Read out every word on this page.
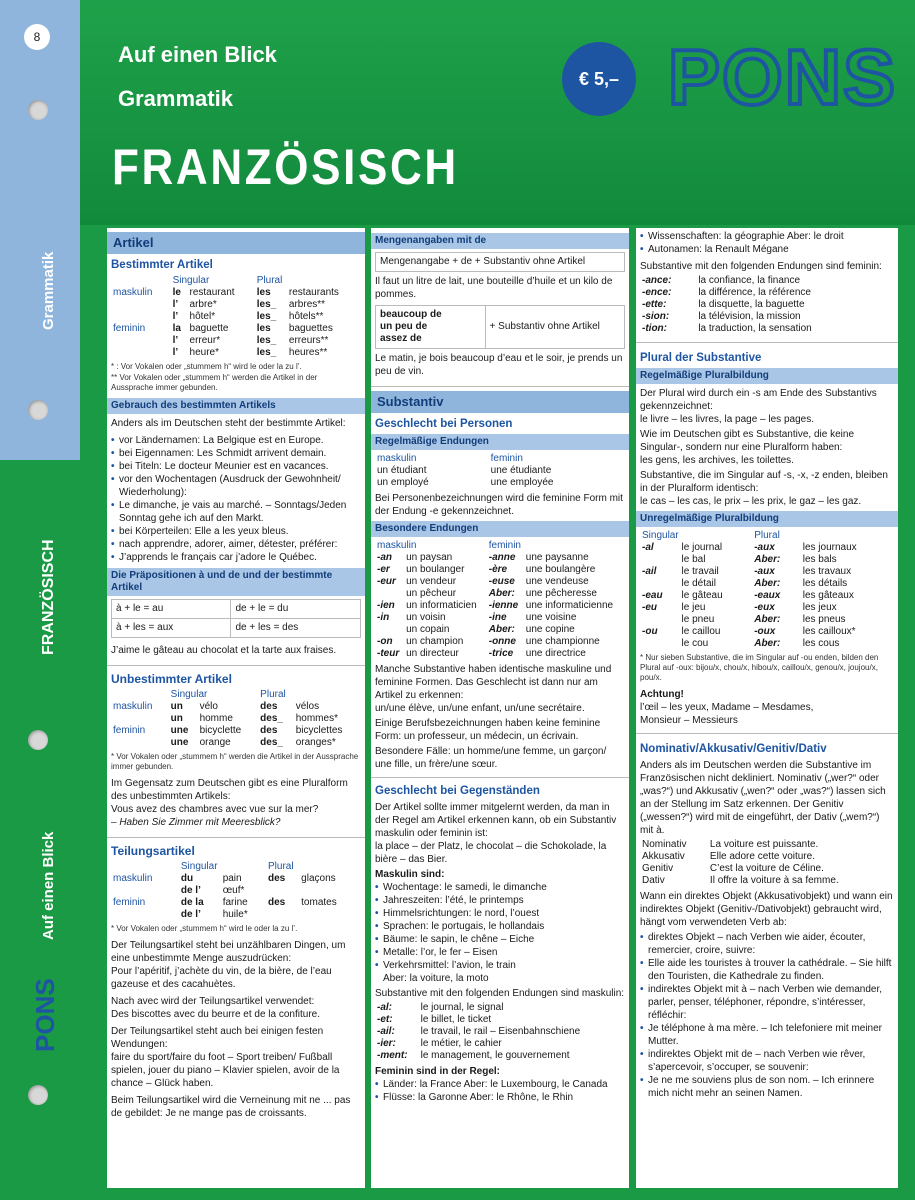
8
Grammatik
FRANZÖSISCH
Auf einen Blick
PONS
Auf einen Blick
Grammatik
FRANZÖSISCH
€ 5,– PONS
Artikel
Bestimmter Artikel
	Singular		Plural	
maskulin	le	restaurant	les	restaurants
	l’	arbre*	les_	arbres**
	l’	hôtel*	les_	hôtels**
feminin	la	baguette	les	baguettes
	l’	erreur*	les_	erreurs**
	l’	heure*	les_	heures**
* : Vor Vokalen oder „stummem h“ wird le oder la zu l’.
** Vor Vokalen oder „stummem h“ werden die Artikel in der Aussprache immer gebunden.
Gebrauch des bestimmten Artikels

Anders als im Deutschen steht der bestimmte Artikel:

• vor Ländernamen: La Belgique est en Europe.
• bei Eigennamen: Les Schmidt arrivent demain.
• bei Titeln: Le docteur Meunier est en vacances.
• vor den Wochentagen (Ausdruck der Gewohnheit/ Wiederholung):
• Le dimanche, je vais au marché. – Sonntags/Jeden Sonntag gehe ich auf den Markt.
• bei Körperteilen: Elle a les yeux bleus.
• nach apprendre, adorer, aimer, détester, préférer:
• J’apprends le français car j’adore le Québec.
Die Präpositionen à und de und der bestimmte Artikel
à + le = au	de + le = du
à + les = aux	de + les = des

J’aime le gâteau au chocolat et la tarte aux fraises.

Unbestimmter Artikel
	Singular		Plural	
maskulin	un	vélo	des	vélos
	un	homme	des_	hommes*
feminin	une	bicyclette	des	bicyclettes
	une	orange	des_	oranges*
* Vor Vokalen oder „stummem h“ werden die Artikel in der Aussprache immer gebunden.

Im Gegensatz zum Deutschen gibt es eine Pluralform des unbestimmten Artikels:

Vous avez des chambres avec vue sur la mer?

– Haben Sie Zimmer mit Meeresblick?

Teilungsartikel
	Singular		Plural	
maskulin	du	pain	des	glaçons
	de l’	œuf*		
feminin	de la	farine	des	tomates
	de l’	huile*		
* Vor Vokalen oder „stummem h“ wird le oder la zu l’.

Der Teilungsartikel steht bei unzählbaren Dingen, um eine unbestimmte Menge auszudrücken:

Pour l’apéritif, j’achète du vin, de la bière, de l’eau gazeuse et des cacahuètes.

Nach avec wird der Teilungsartikel verwendet:

Des biscottes avec du beurre et de la confiture.

Der Teilungsartikel steht auch bei einigen festen Wendungen:

faire du sport/faire du foot – Sport treiben/ Fußball spielen, jouer du piano – Klavier spielen, avoir de la chance – Glück haben.

Beim Teilungsartikel wird die Verneinung mit ne ... pas de gebildet: Je ne mange pas de croissants.

Mengenangaben mit de
Mengenangabe + de + Substantiv ohne Artikel

Il faut un litre de lait, une bouteille d’huile et un kilo de pommes.

beaucoup de
un peu de
assez de
	+ Substantiv ohne Artikel

Le matin, je bois beaucoup d’eau et le soir, je prends un peu de vin.

Substantiv
Geschlecht bei Personen
Regelmäßige Endungen
maskulin	feminin
un étudiant	une étudiante
un employé	une employée

Bei Personenbezeichnungen wird die feminine Form mit der Endung -e gekennzeichnet.

Besondere Endungen
maskulin		feminin	
-an	un paysan	-anne	une paysanne
-er	un boulanger	-ère	une boulangère
-eur	un vendeur	-euse	une vendeuse
	un pêcheur	Aber:	une pêcheresse
-ien	un informaticien	-ienne	une informaticienne
-in	un voisin	-ine	une voisine
	un copain	Aber:	une copine
-on	un champion	-onne	une championne
-teur	un directeur	-trice	une directrice

Manche Substantive haben identische maskuline und feminine Formen. Das Geschlecht ist dann nur am Artikel zu erkennen:

un/une élève, un/une enfant, un/une secrétaire.

Einige Berufsbezeichnungen haben keine feminine Form: un professeur, un médecin, un écrivain.

Besondere Fälle: un homme/une femme, un garçon/ une fille, un frère/une sœur.

Geschlecht bei Gegenständen

Der Artikel sollte immer mitgelernt werden, da man in der Regel am Artikel erkennen kann, ob ein Substantiv maskulin oder feminin ist:

la place – der Platz, le chocolat – die Schokolade, la bière – das Bier.

Maskulin sind:

• Wochentage: le samedi, le dimanche
• Jahreszeiten: l’été, le printemps
• Himmelsrichtungen: le nord, l’ouest
• Sprachen: le portugais, le hollandais
• Bäume: le sapin, le chêne – Eiche
• Metalle: l’or, le fer – Eisen
• Verkehrsmittel: l’avion, le train

Aber: la voiture, la moto

Substantive mit den folgenden Endungen sind maskulin:

-al:	le journal, le signal
-et:	le billet, le ticket
-ail:	le travail, le rail – Eisenbahnschiene
-ier:	le métier, le cahier
-ment:	le management, le gouvernement

Feminin sind in der Regel:

• Länder: la France Aber: le Luxembourg, le Canada
• Flüsse: la Garonne Aber: le Rhône, le Rhin
• Wissenschaften: la géographie Aber: le droit
• Autonamen: la Renault Mégane

Substantive mit den folgenden Endungen sind feminin:

-ance:	la confiance, la finance
-ence:	la différence, la référence
-ette:	la disquette, la baguette
-sion:	la télévision, la mission
-tion:	la traduction, la sensation
Plural der Substantive
Regelmäßige Pluralbildung

Der Plural wird durch ein -s am Ende des Substantivs gekennzeichnet:

le livre – les livres, la page – les pages.

Wie im Deutschen gibt es Substantive, die keine Singular-, sondern nur eine Pluralform haben:

les gens, les archives, les toilettes.

Substantive, die im Singular auf -s, -x, -z enden, bleiben in der Pluralform identisch:

le cas – les cas, le prix – les prix, le gaz – les gaz.

Unregelmäßige Pluralbildung
Singular		Plural	
-al	le journal	-aux	les journaux
	le bal	Aber:	les bals
-ail	le travail	-aux	les travaux
	le détail	Aber:	les détails
-eau	le gâteau	-eaux	les gâteaux
-eu	le jeu	-eux	les jeux
	le pneu	Aber:	les pneus
-ou	le caillou	-oux	les cailloux*
	le cou	Aber:	les cous
* Nur sieben Substantive, die im Singular auf -ou enden, bilden den Plural auf -oux: bijou/x, chou/x, hibou/x, caillou/x, genou/x, joujou/x, pou/x.

Achtung!

l’œil – les yeux, Madame – Mesdames,

Monsieur – Messieurs

Nominativ/Akkusativ/Genitiv/Dativ

Anders als im Deutschen werden die Substantive im Französischen nicht dekliniert. Nominativ („wer?“ oder „was?“) und Akkusativ („wen?“ oder „was?“) lassen sich an der Stellung im Satz erkennen. Der Genitiv („wessen?“) wird mit de eingeführt, der Dativ („wem?“) mit à.

Nominativ	La voiture est puissante.
Akkusativ	Elle adore cette voiture.
Genitiv	C’est la voiture de Céline.
Dativ	Il offre la voiture à sa femme.

Wann ein direktes Objekt (Akkusativobjekt) und wann ein indirektes Objekt (Genitiv-/Dativobjekt) gebraucht wird, hängt vom verwendeten Verb ab:

• direktes Objekt – nach Verben wie aider, écouter, remercier, croire, suivre:
• Elle aide les touristes à trouver la cathédrale. – Sie hilft den Touristen, die Kathedrale zu finden.
• indirektes Objekt mit à – nach Verben wie demander, parler, penser, téléphoner, répondre, s’intéresser, réfléchir:
• Je téléphone à ma mère. – Ich telefoniere mit meiner Mutter.
• indirektes Objekt mit de – nach Verben wie rêver, s’apercevoir, s’occuper, se souvenir:
• Je ne me souviens plus de son nom. – Ich erinnere mich nicht mehr an seinen Namen.
